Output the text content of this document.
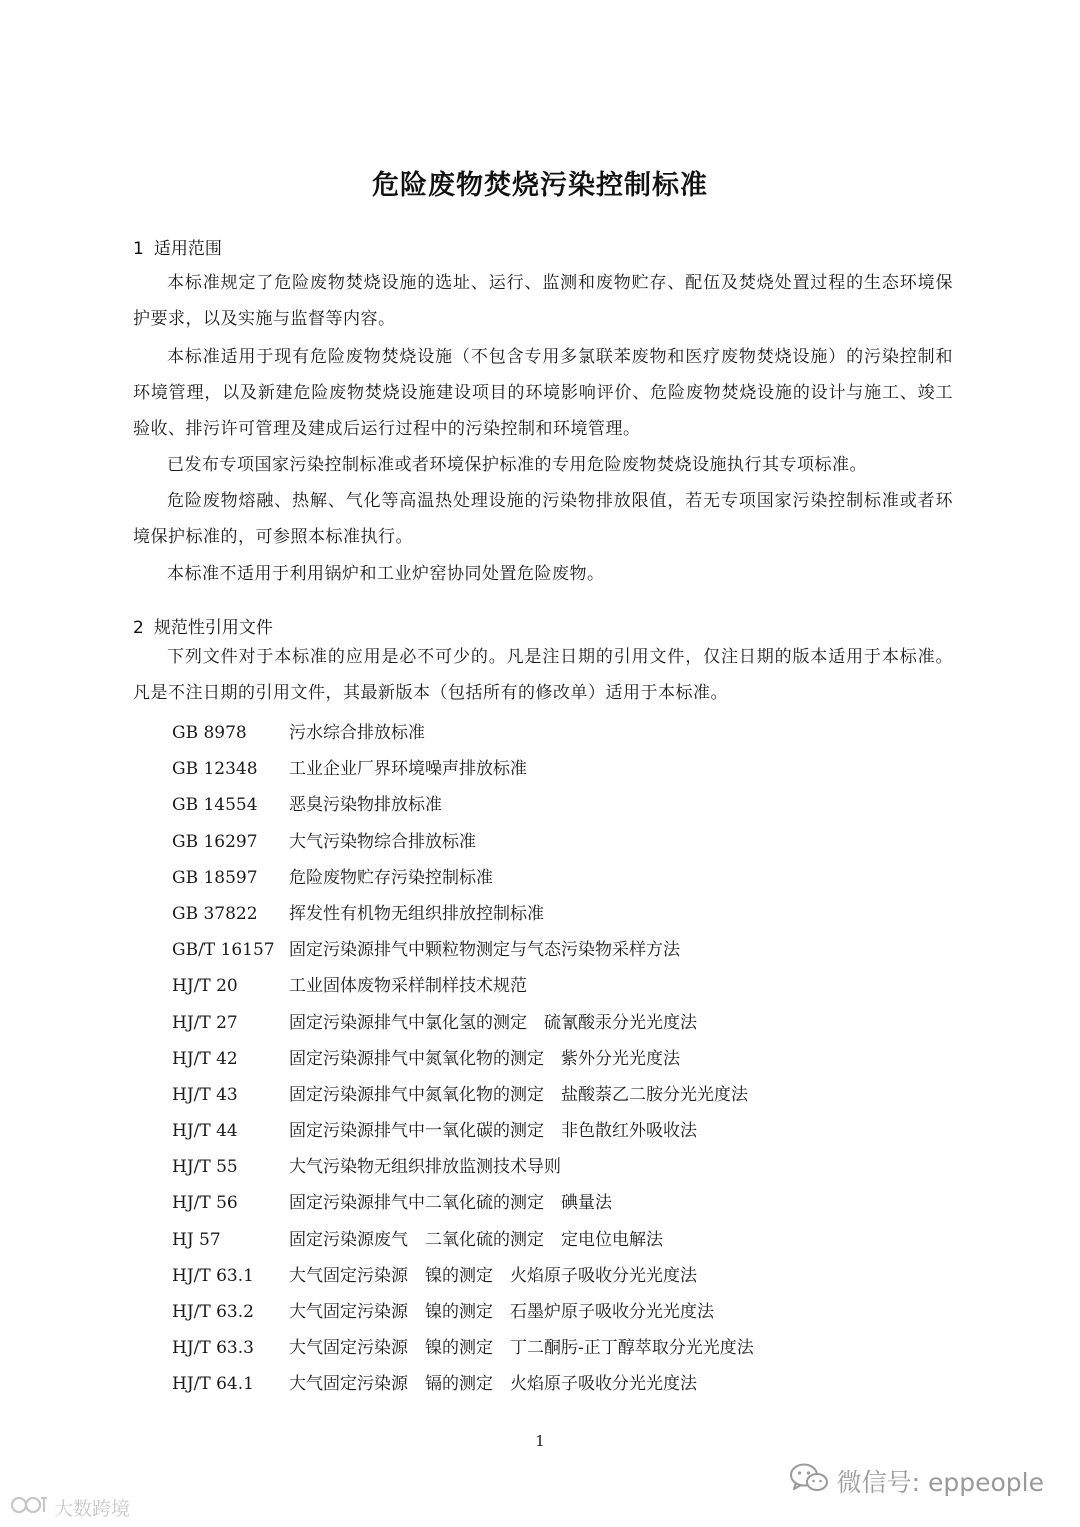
危险废物焚烧污染控制标准
1 适用范围
本标准规定了危险废物焚烧设施的选址、运行、监测和废物贮存、配伍及焚烧处置过程的生态环境保护要求，以及实施与监督等内容。
本标准适用于现有危险废物焚烧设施（不包含专用多氯联苯废物和医疗废物焚烧设施）的污染控制和环境管理，以及新建危险废物焚烧设施建设项目的环境影响评价、危险废物焚烧设施的设计与施工、竣工验收、排污许可管理及建成后运行过程中的污染控制和环境管理。
已发布专项国家污染控制标准或者环境保护标准的专用危险废物焚烧设施执行其专项标准。
危险废物熔融、热解、气化等高温热处理设施的污染物排放限值，若无专项国家污染控制标准或者环境保护标准的，可参照本标准执行。
本标准不适用于利用锅炉和工业炉窑协同处置危险废物。
2 规范性引用文件
下列文件对于本标准的应用是必不可少的。凡是注日期的引用文件，仅注日期的版本适用于本标准。凡是不注日期的引用文件，其最新版本（包括所有的修改单）适用于本标准。
GB 8978 污水综合排放标准
GB 12348 工业企业厂界环境噪声排放标准
GB 14554 恶臭污染物排放标准
GB 16297 大气污染物综合排放标准
GB 18597 危险废物贮存污染控制标准
GB 37822 挥发性有机物无组织排放控制标准
GB/T 16157 固定污染源排气中颗粒物测定与气态污染物采样方法
HJ/T 20	工业固体废物采样制样技术规范
HJ/T 27	固定污染源排气中氯化氢的测定　硫氰酸汞分光光度法
HJ/T 42	固定污染源排气中氮氧化物的测定　紫外分光光度法
HJ/T 43	固定污染源排气中氮氧化物的测定　盐酸萘乙二胺分光光度法
HJ/T 44	固定污染源排气中一氧化碳的测定　非色散红外吸收法
HJ/T 55	大气污染物无组织排放监测技术导则
HJ/T 56	固定污染源排气中二氧化硫的测定　碘量法
HJ 57	固定污染源废气　二氧化硫的测定　定电位电解法
HJ/T 63.1 大气固定污染源　镍的测定　火焰原子吸收分光光度法
HJ/T 63.2 大气固定污染源　镍的测定　石墨炉原子吸收分光光度法
HJ/T 63.3 大气固定污染源　镍的测定　丁二酮肟-正丁醇萃取分光光度法
HJ/T 64.1 大气固定污染源　镉的测定　火焰原子吸收分光光度法
1
微信号: eppeople
大数跨境
